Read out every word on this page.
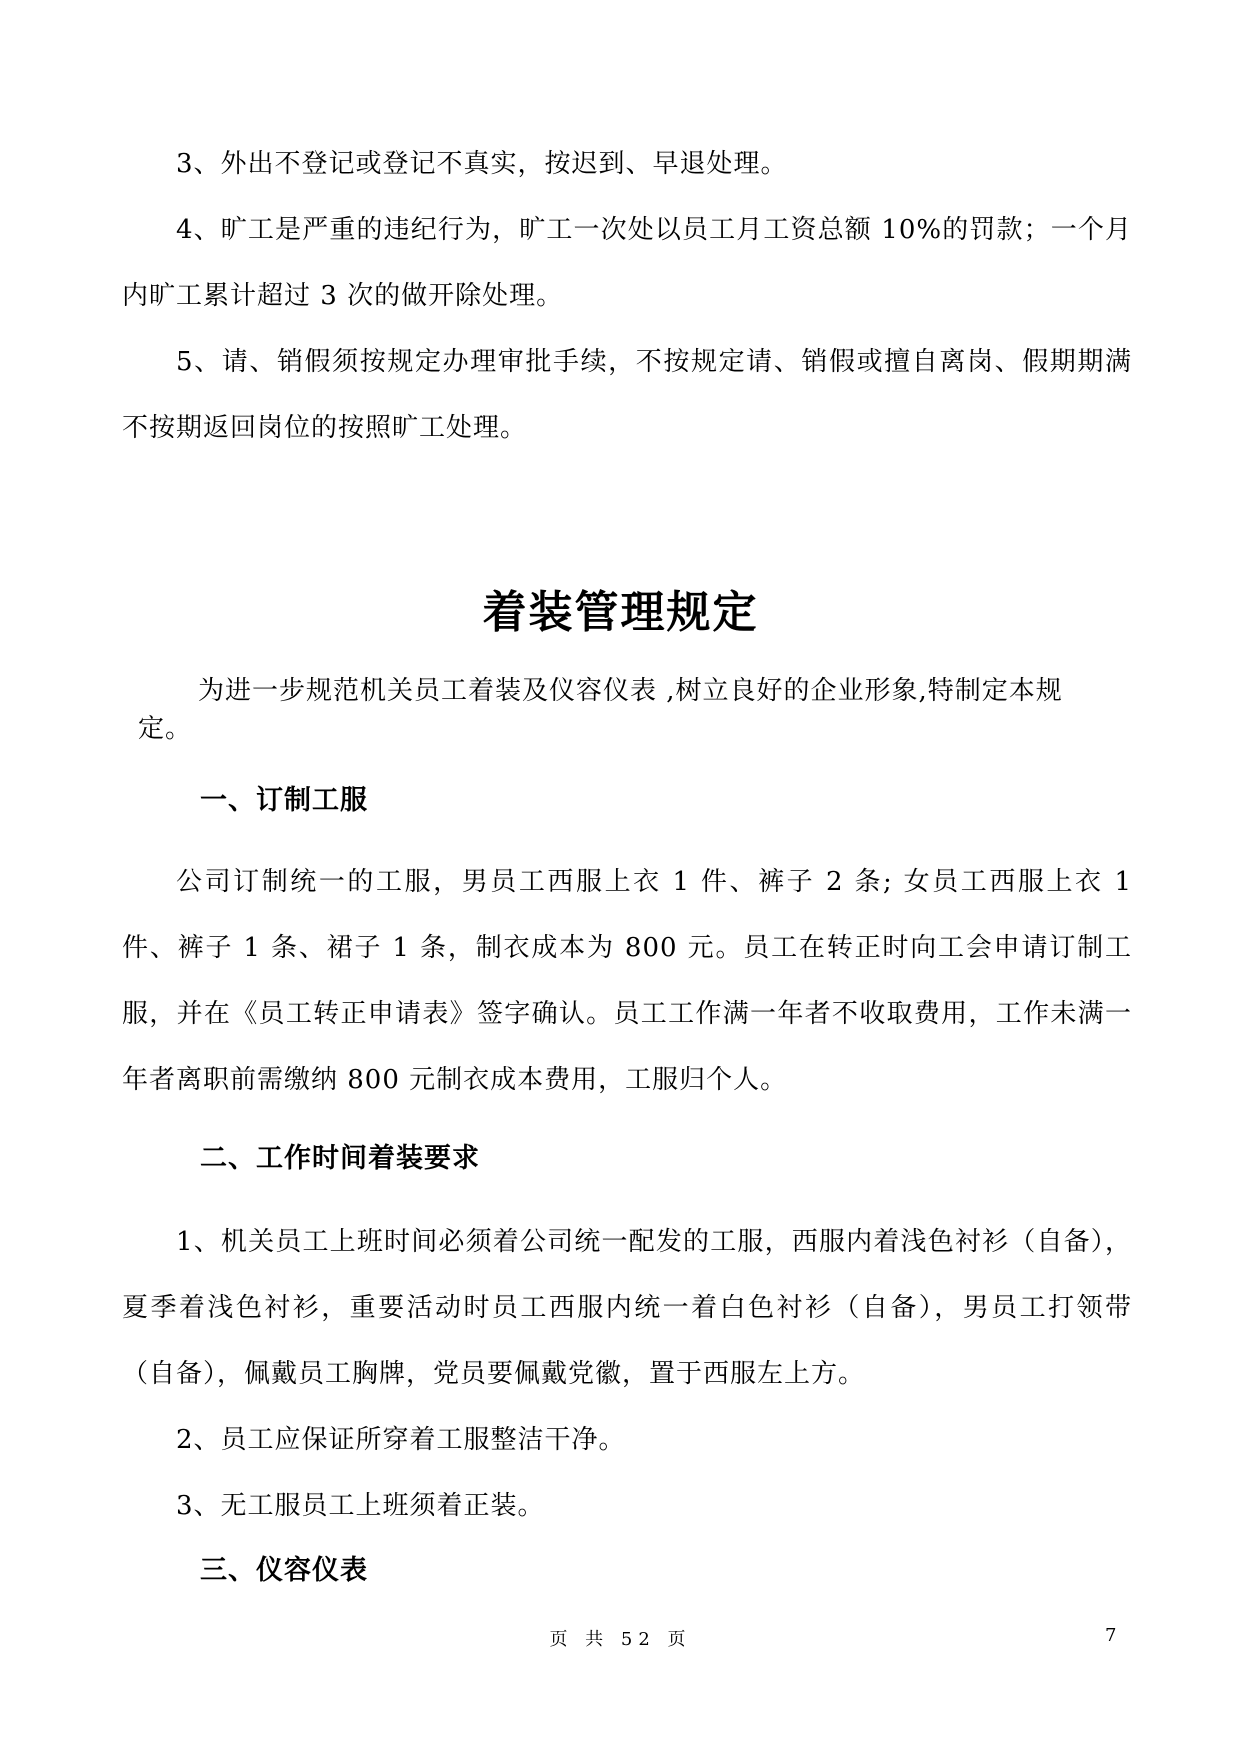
3、外出不登记或登记不真实，按迟到、早退处理。

4、旷工是严重的违纪行为，旷工一次处以员工月工资总额 10%的罚款；一个月内旷工累计超过 3 次的做开除处理。

5、请、销假须按规定办理审批手续，不按规定请、销假或擅自离岗、假期期满不按期返回岗位的按照旷工处理。

着装管理规定

为进一步规范机关员工着装及仪容仪表 ,树立良好的企业形象,特制定本规定。

一、订制工服

公司订制统一的工服，男员工西服上衣 1 件、裤子 2 条; 女员工西服上衣 1 件、裤子 1 条、裙子 1 条，制衣成本为 800 元。员工在转正时向工会申请订制工服，并在《员工转正申请表》签字确认。员工工作满一年者不收取费用，工作未满一年者离职前需缴纳 800 元制衣成本费用，工服归个人。

二、工作时间着装要求

1、机关员工上班时间必须着公司统一配发的工服，西服内着浅色衬衫（自备），夏季着浅色衬衫，重要活动时员工西服内统一着白色衬衫（自备），男员工打领带（自备），佩戴员工胸牌，党员要佩戴党徽，置于西服左上方。

2、员工应保证所穿着工服整洁干净。

3、无工服员工上班须着正装。

三、仪容仪表

页 共 52 页	7
